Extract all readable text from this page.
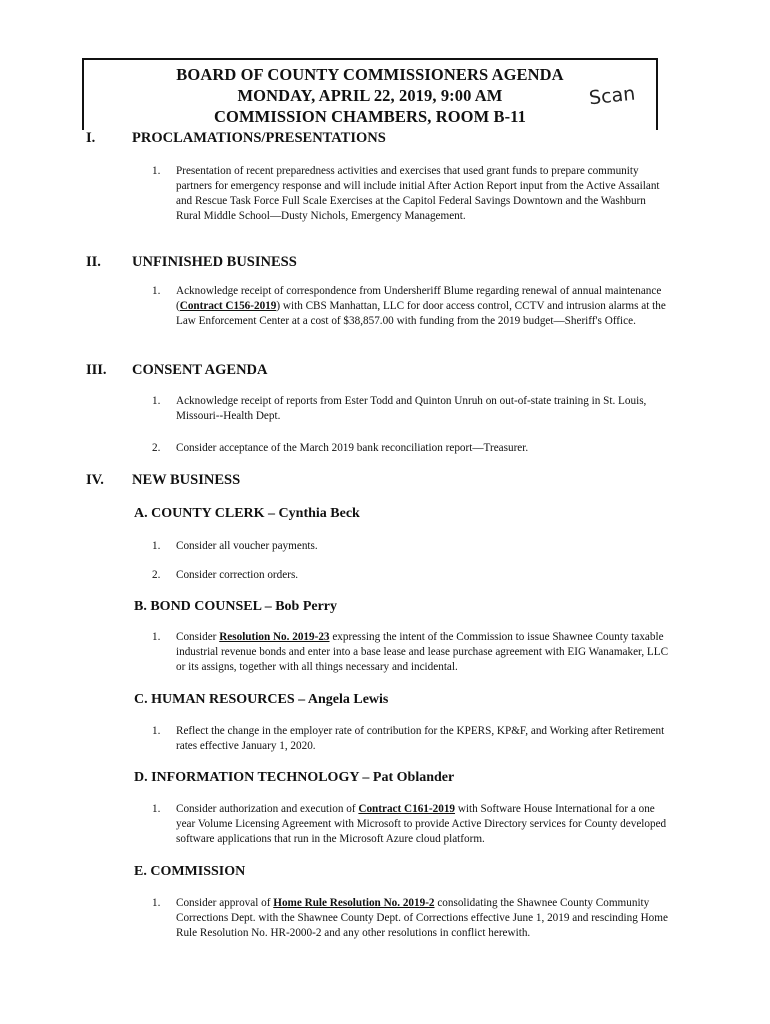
BOARD OF COUNTY COMMISSIONERS AGENDA
MONDAY, APRIL 22, 2019, 9:00 AM
COMMISSION CHAMBERS, ROOM B-11
Scan
I.	PROCLAMATIONS/PRESENTATIONS
1.	Presentation of recent preparedness activities and exercises that used grant funds to prepare community partners for emergency response and will include initial After Action Report input from the Active Assailant and Rescue Task Force Full Scale Exercises at the Capitol Federal Savings Downtown and the Washburn Rural Middle School—Dusty Nichols, Emergency Management.
II. UNFINISHED BUSINESS
1.	Acknowledge receipt of correspondence from Undersheriff Blume regarding renewal of annual maintenance (Contract C156-2019) with CBS Manhattan, LLC for door access control, CCTV and intrusion alarms at the Law Enforcement Center at a cost of $38,857.00 with funding from the 2019 budget—Sheriff's Office.
III. CONSENT AGENDA
1.	Acknowledge receipt of reports from Ester Todd and Quinton Unruh on out-of-state training in St. Louis, Missouri--Health Dept.
2.	Consider acceptance of the March 2019 bank reconciliation report—Treasurer.
IV. NEW BUSINESS
A. COUNTY CLERK – Cynthia Beck
1.	Consider all voucher payments.
2.	Consider correction orders.
B. BOND COUNSEL – Bob Perry
1.	Consider Resolution No. 2019-23 expressing the intent of the Commission to issue Shawnee County taxable industrial revenue bonds and enter into a base lease and lease purchase agreement with EIG Wanamaker, LLC or its assigns, together with all things necessary and incidental.
C. HUMAN RESOURCES – Angela Lewis
1.	Reflect the change in the employer rate of contribution for the KPERS, KP&F, and Working after Retirement rates effective January 1, 2020.
D. INFORMATION TECHNOLOGY – Pat Oblander
1.	Consider authorization and execution of Contract C161-2019 with Software House International for a one year Volume Licensing Agreement with Microsoft to provide Active Directory services for County developed software applications that run in the Microsoft Azure cloud platform.
E. COMMISSION
1.	Consider approval of Home Rule Resolution No. 2019-2 consolidating the Shawnee County Community Corrections Dept. with the Shawnee County Dept. of Corrections effective June 1, 2019 and rescinding Home Rule Resolution No. HR-2000-2 and any other resolutions in conflict herewith.
